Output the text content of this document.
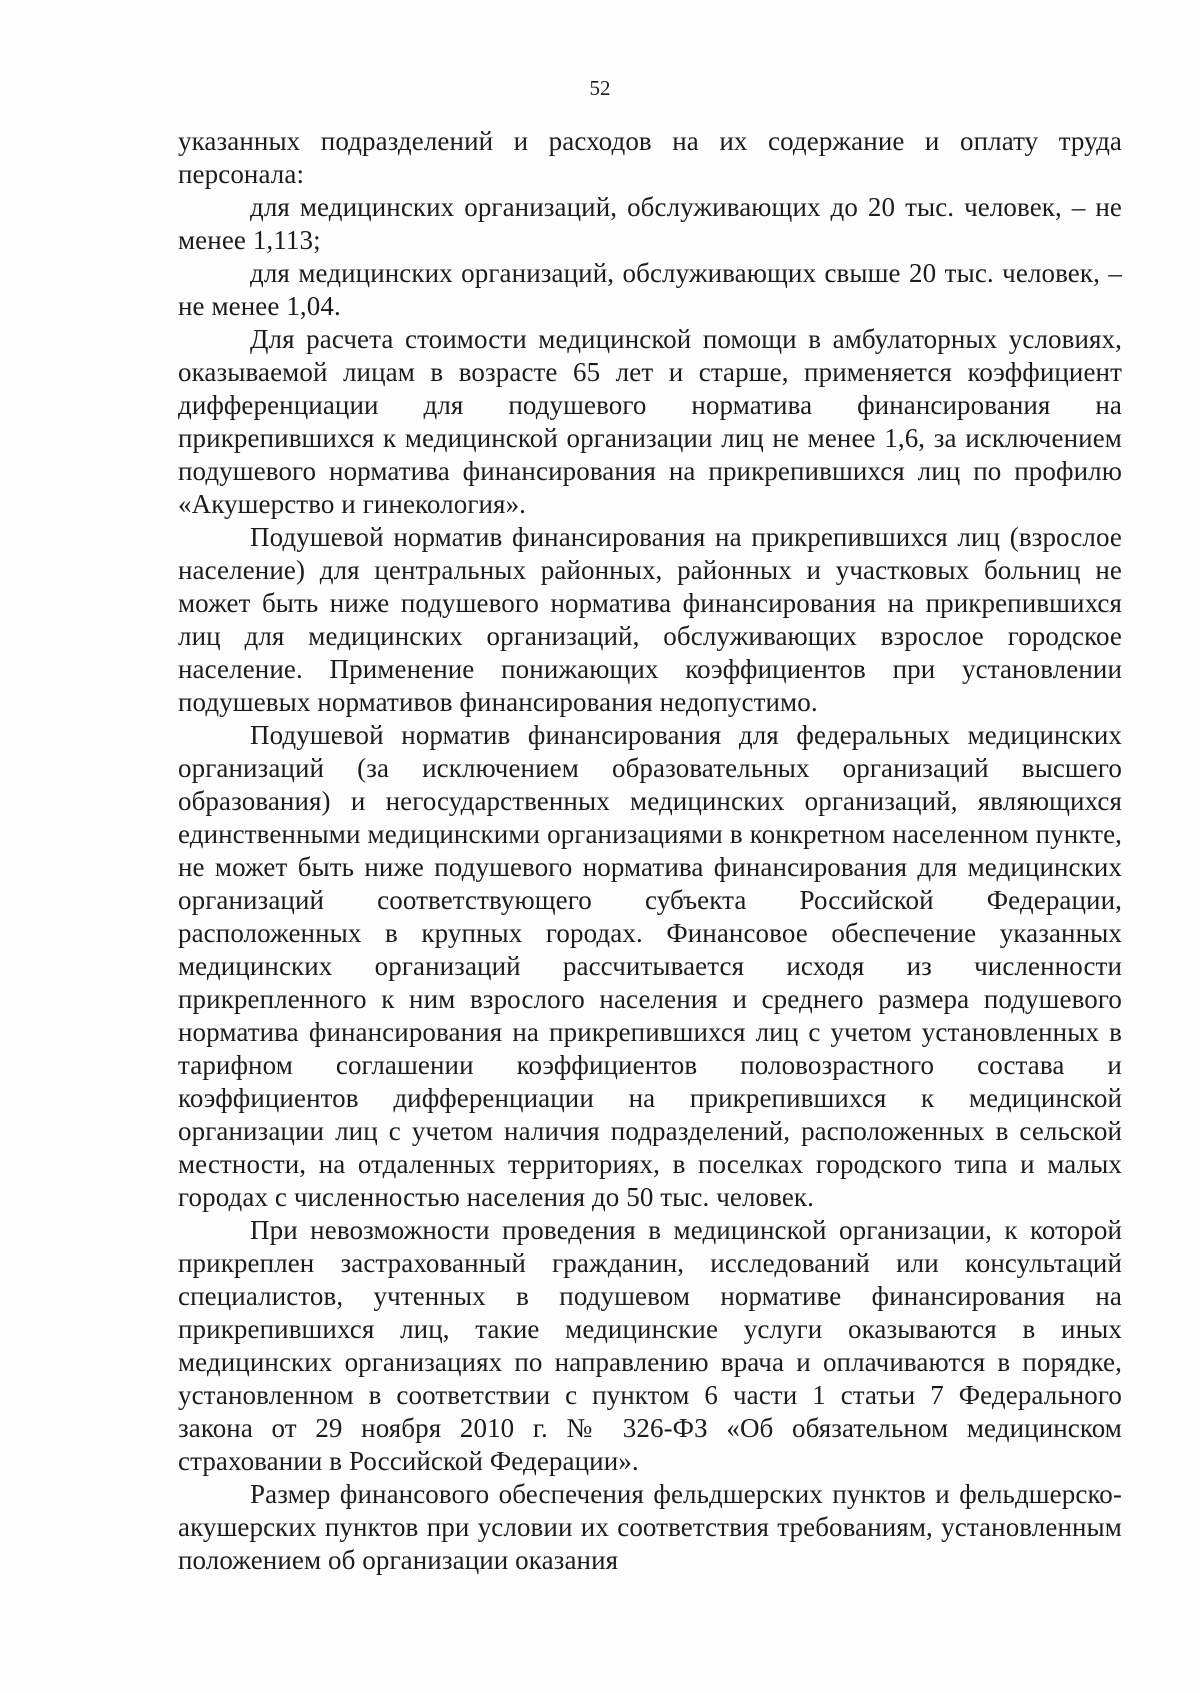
52

указанных подразделений и расходов на их содержание и оплату труда персонала:

для медицинских организаций, обслуживающих до 20 тыс. человек, – не менее 1,113;

для медицинских организаций, обслуживающих свыше 20 тыс. человек, – не менее 1,04.

Для расчета стоимости медицинской помощи в амбулаторных условиях, оказываемой лицам в возрасте 65 лет и старше, применяется коэффициент дифференциации для подушевого норматива финансирования на прикрепившихся к медицинской организации лиц не менее 1,6, за исключением подушевого норматива финансирования на прикрепившихся лиц по профилю «Акушерство и гинекология».

Подушевой норматив финансирования на прикрепившихся лиц (взрослое население) для центральных районных, районных и участковых больниц не может быть ниже подушевого норматива финансирования на прикрепившихся лиц для медицинских организаций, обслуживающих взрослое городское население. Применение понижающих коэффициентов при установлении подушевых нормативов финансирования недопустимо.

Подушевой норматив финансирования для федеральных медицинских организаций (за исключением образовательных организаций высшего образования) и негосударственных медицинских организаций, являющихся единственными медицинскими организациями в конкретном населенном пункте, не может быть ниже подушевого норматива финансирования для медицинских организаций соответствующего субъекта Российской Федерации, расположенных в крупных городах. Финансовое обеспечение указанных медицинских организаций рассчитывается исходя из численности прикрепленного к ним взрослого населения и среднего размера подушевого норматива финансирования на прикрепившихся лиц с учетом установленных в тарифном соглашении коэффициентов половозрастного состава и коэффициентов дифференциации на прикрепившихся к медицинской организации лиц с учетом наличия подразделений, расположенных в сельской местности, на отдаленных территориях, в поселках городского типа и малых городах с численностью населения до 50 тыс. человек.

При невозможности проведения в медицинской организации, к которой прикреплен застрахованный гражданин, исследований или консультаций специалистов, учтенных в подушевом нормативе финансирования на прикрепившихся лиц, такие медицинские услуги оказываются в иных медицинских организациях по направлению врача и оплачиваются в порядке, установленном в соответствии с пунктом 6 части 1 статьи 7 Федерального закона от 29 ноября 2010 г. № 326-ФЗ «Об обязательном медицинском страховании в Российской Федерации».

Размер финансового обеспечения фельдшерских пунктов и фельдшерско-акушерских пунктов при условии их соответствия требованиям, установленным положением об организации оказания
